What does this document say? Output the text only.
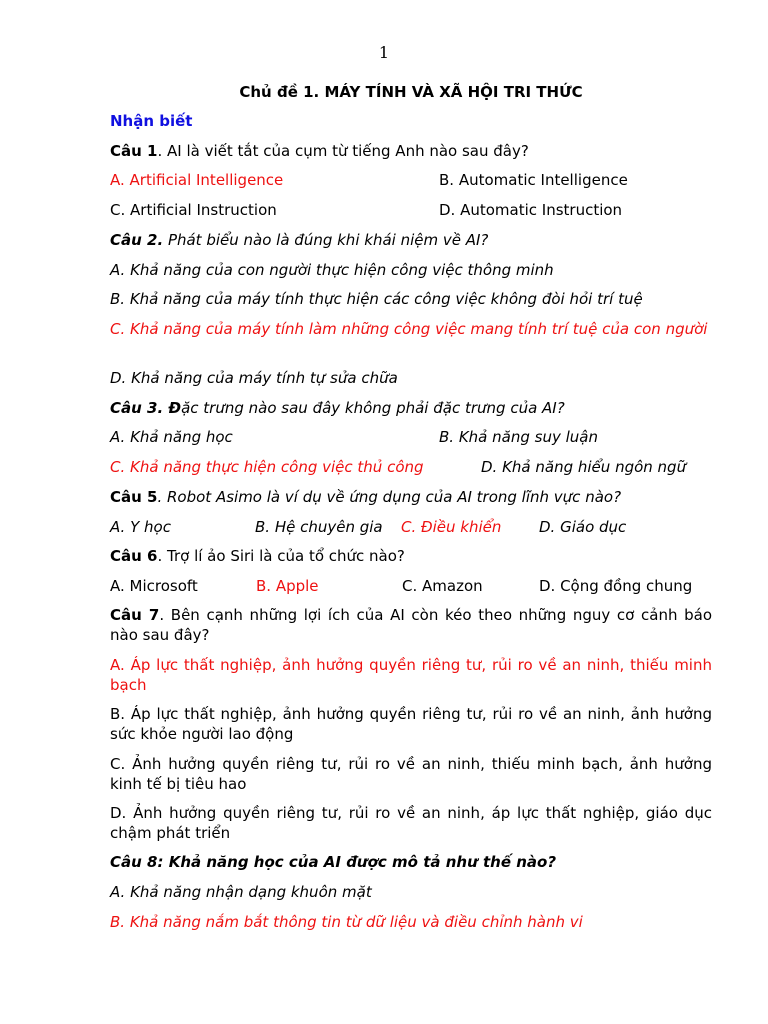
1
Chủ đề 1. MÁY TÍNH VÀ XÃ HỘI TRI THỨC
Nhận biết
Câu 1. AI là viết tắt của cụm từ tiếng Anh nào sau đây?
A. Artificial Intelligence	B. Automatic Intelligence
C. Artificial Instruction	D. Automatic Instruction
Câu 2. Phát biểu nào là đúng khi khái niệm về AI?
A. Khả năng của con người thực hiện công việc thông minh
B. Khả năng của máy tính thực hiện các công việc không đòi hỏi trí tuệ
C. Khả năng của máy tính làm những công việc mang tính trí tuệ của con người
D. Khả năng của máy tính tự sửa chữa
Câu 3. Đặc trưng nào sau đây không phải đặc trưng của AI?
A. Khả năng học	B. Khả năng suy luận
C. Khả năng thực hiện công việc thủ công	D. Khả năng hiểu ngôn ngữ
Câu 5. Robot Asimo là ví dụ về ứng dụng của AI trong lĩnh vực nào?
A. Y học	B. Hệ chuyên gia C. Điều khiển	D. Giáo dục
Câu 6. Trợ lí ảo Siri là của tổ chức nào?
A. Microsoft	B. Apple	C. Amazon	D. Cộng đồng chung
Câu 7. Bên cạnh những lợi ích của AI còn kéo theo những nguy cơ cảnh báo nào sau đây?
A. Áp lực thất nghiệp, ảnh hưởng quyền riêng tư, rủi ro về an ninh, thiếu minh bạch
B. Áp lực thất nghiệp, ảnh hưởng quyền riêng tư, rủi ro về an ninh, ảnh hưởng sức khỏe người lao động
C. Ảnh hưởng quyền riêng tư, rủi ro về an ninh, thiếu minh bạch, ảnh hưởng kinh tế bị tiêu hao
D. Ảnh hưởng quyền riêng tư, rủi ro về an ninh, áp lực thất nghiệp, giáo dục chậm phát triển
Câu 8: Khả năng học của AI được mô tả như thế nào?
A. Khả năng nhận dạng khuôn mặt
B. Khả năng nắm bắt thông tin từ dữ liệu và điều chỉnh hành vi
